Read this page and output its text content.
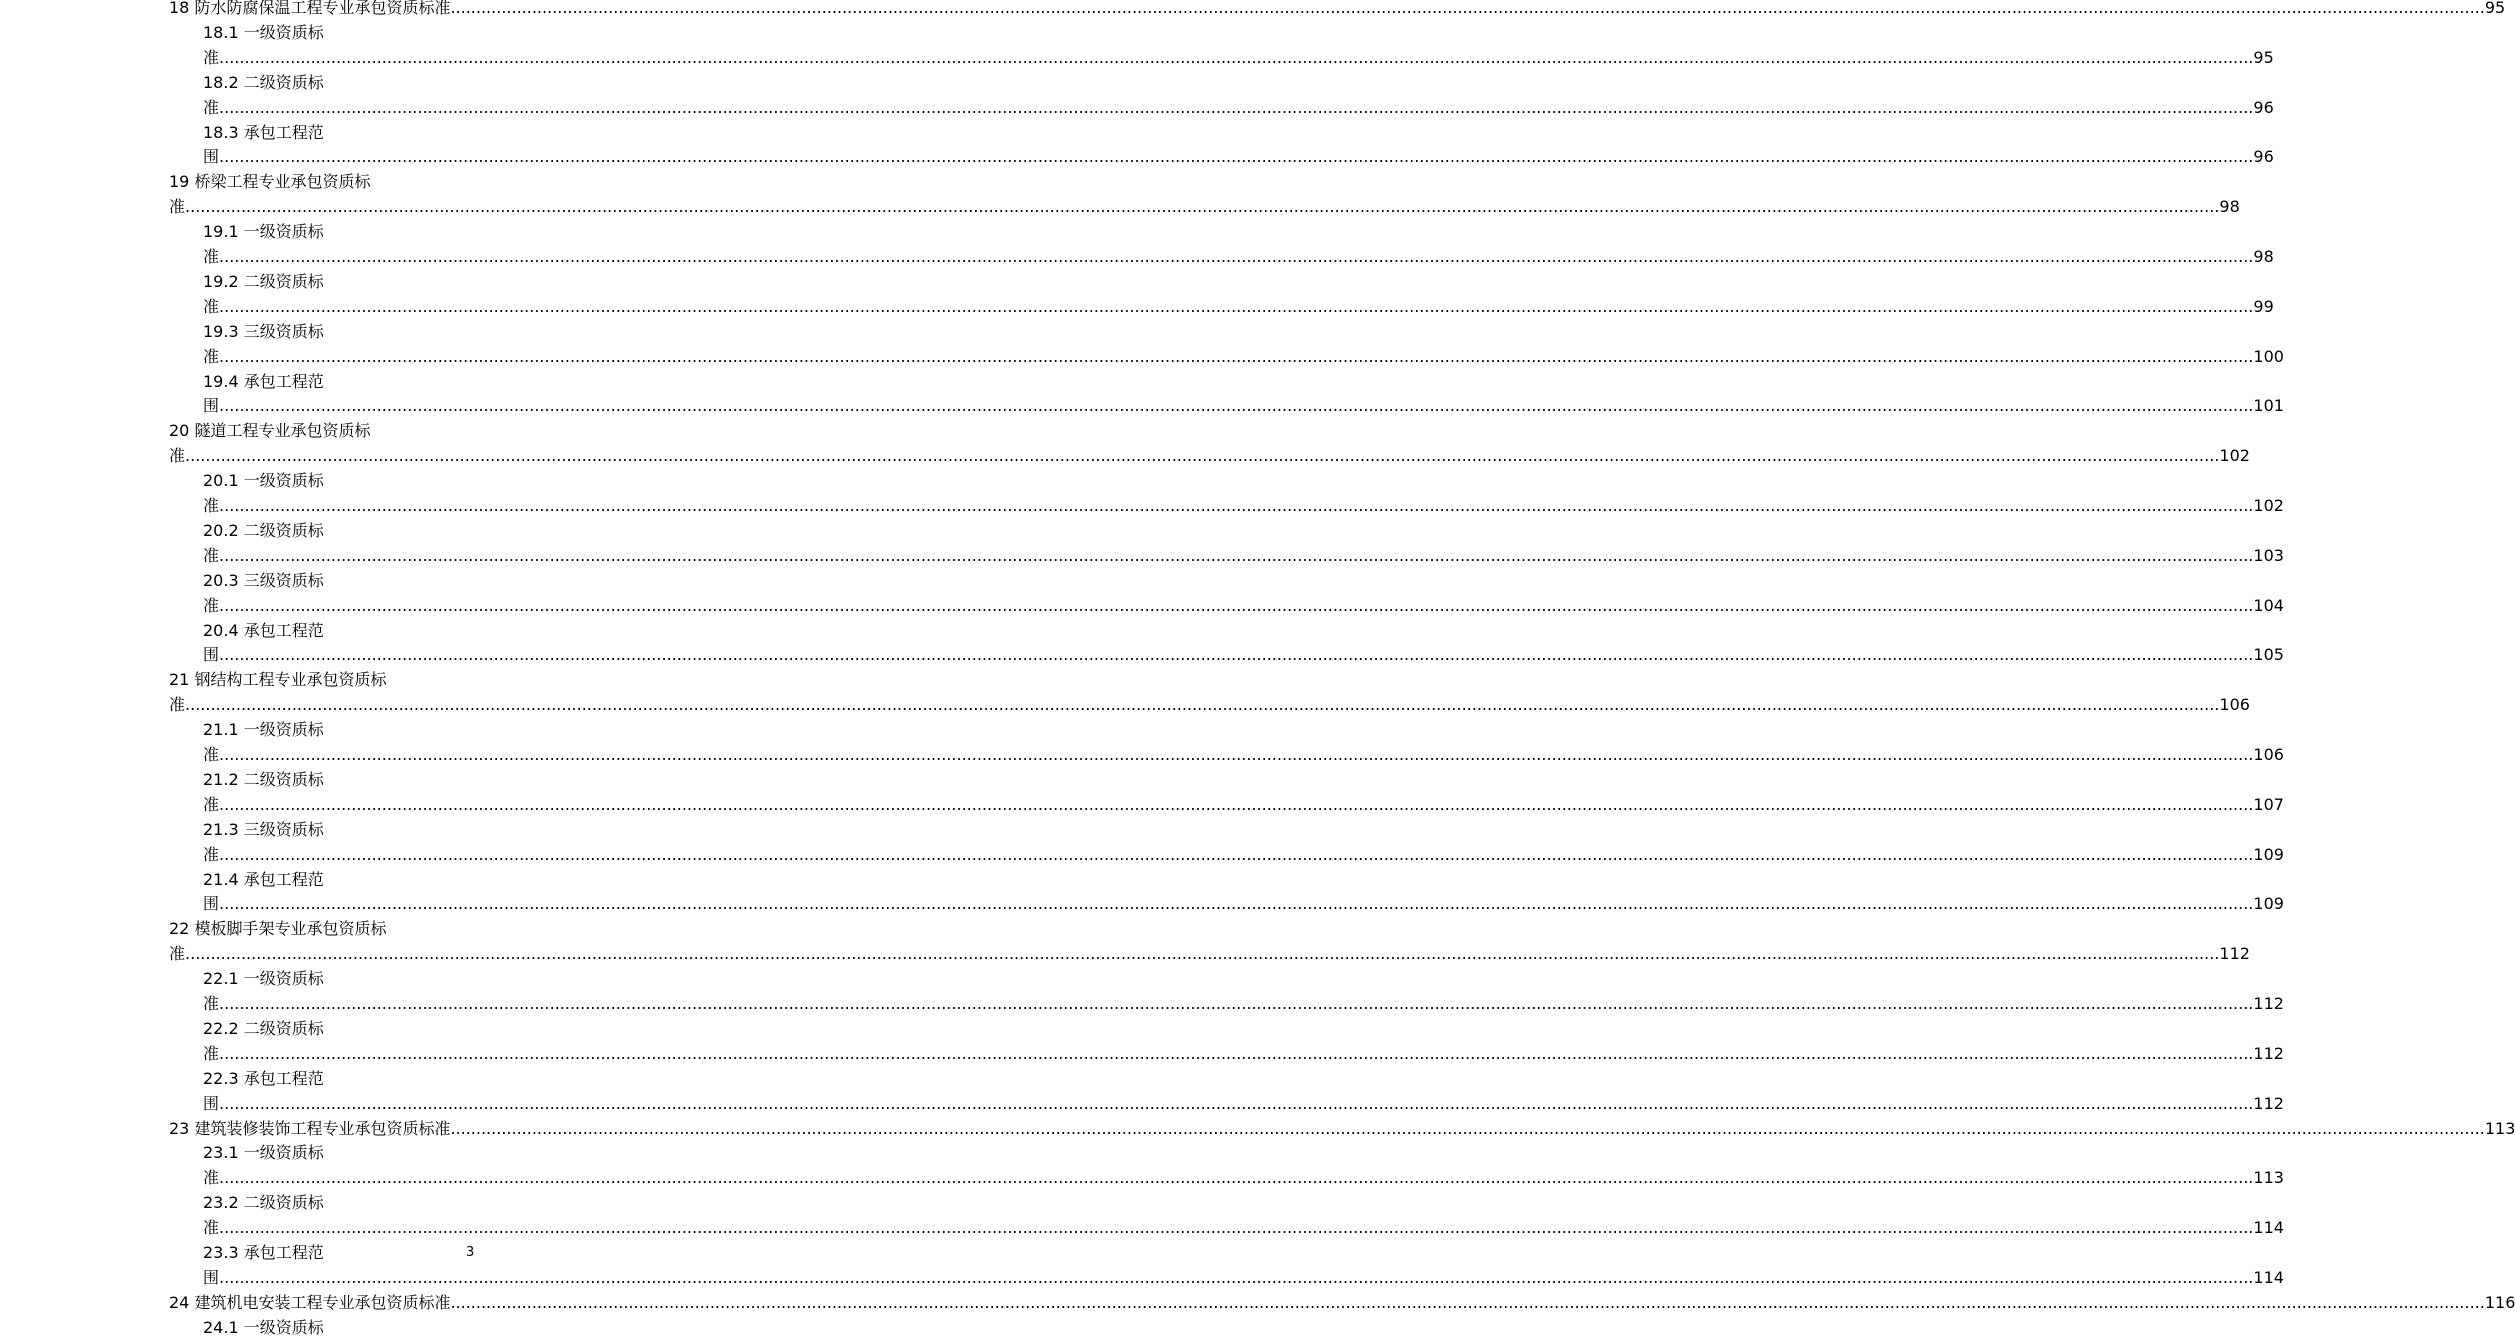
18 防水防腐保温工程专业承包资质标准 ................................................................................................................................................................................................................................................................................................................................................................................................................ 95
18.1 一级资质标
准 ................................................................................................................................................................................................................................................................................................................................................................................................................ 95
18.2 二级资质标
准 ................................................................................................................................................................................................................................................................................................................................................................................................................ 96
18.3 承包工程范
围 ................................................................................................................................................................................................................................................................................................................................................................................................................ 96
19 桥梁工程专业承包资质标
准 ................................................................................................................................................................................................................................................................................................................................................................................................................ 98
19.1 一级资质标
准 ................................................................................................................................................................................................................................................................................................................................................................................................................ 98
19.2 二级资质标
准 ................................................................................................................................................................................................................................................................................................................................................................................................................ 99
19.3 三级资质标
准 ................................................................................................................................................................................................................................................................................................................................................................................................................ 100
19.4 承包工程范
围 ................................................................................................................................................................................................................................................................................................................................................................................................................ 101
20 隧道工程专业承包资质标
准 ................................................................................................................................................................................................................................................................................................................................................................................................................ 102
20.1 一级资质标
准 ................................................................................................................................................................................................................................................................................................................................................................................................................ 102
20.2 二级资质标
准 ................................................................................................................................................................................................................................................................................................................................................................................................................ 103
20.3 三级资质标
准 ................................................................................................................................................................................................................................................................................................................................................................................................................ 104
20.4 承包工程范
围 ................................................................................................................................................................................................................................................................................................................................................................................................................ 105
21 钢结构工程专业承包资质标
准 ................................................................................................................................................................................................................................................................................................................................................................................................................ 106
21.1 一级资质标
准 ................................................................................................................................................................................................................................................................................................................................................................................................................ 106
21.2 二级资质标
准 ................................................................................................................................................................................................................................................................................................................................................................................................................ 107
21.3 三级资质标
准 ................................................................................................................................................................................................................................................................................................................................................................................................................ 109
21.4 承包工程范
围 ................................................................................................................................................................................................................................................................................................................................................................................................................ 109
22 模板脚手架专业承包资质标
准 ................................................................................................................................................................................................................................................................................................................................................................................................................ 112
22.1 一级资质标
准 ................................................................................................................................................................................................................................................................................................................................................................................................................ 112
22.2 二级资质标
准 ................................................................................................................................................................................................................................................................................................................................................................................................................ 112
22.3 承包工程范
围 ................................................................................................................................................................................................................................................................................................................................................................................................................ 112
23 建筑装修装饰工程专业承包资质标准 ................................................................................................................................................................................................................................................................................................................................................................................................................ 113
23.1 一级资质标
准 ................................................................................................................................................................................................................................................................................................................................................................................................................ 113
23.2 二级资质标
准 ................................................................................................................................................................................................................................................................................................................................................................................................................ 114
23.3 承包工程范
围 ................................................................................................................................................................................................................................................................................................................................................................................................................ 114
24 建筑机电安装工程专业承包资质标准 ................................................................................................................................................................................................................................................................................................................................................................................................................ 116
24.1 一级资质标
3
